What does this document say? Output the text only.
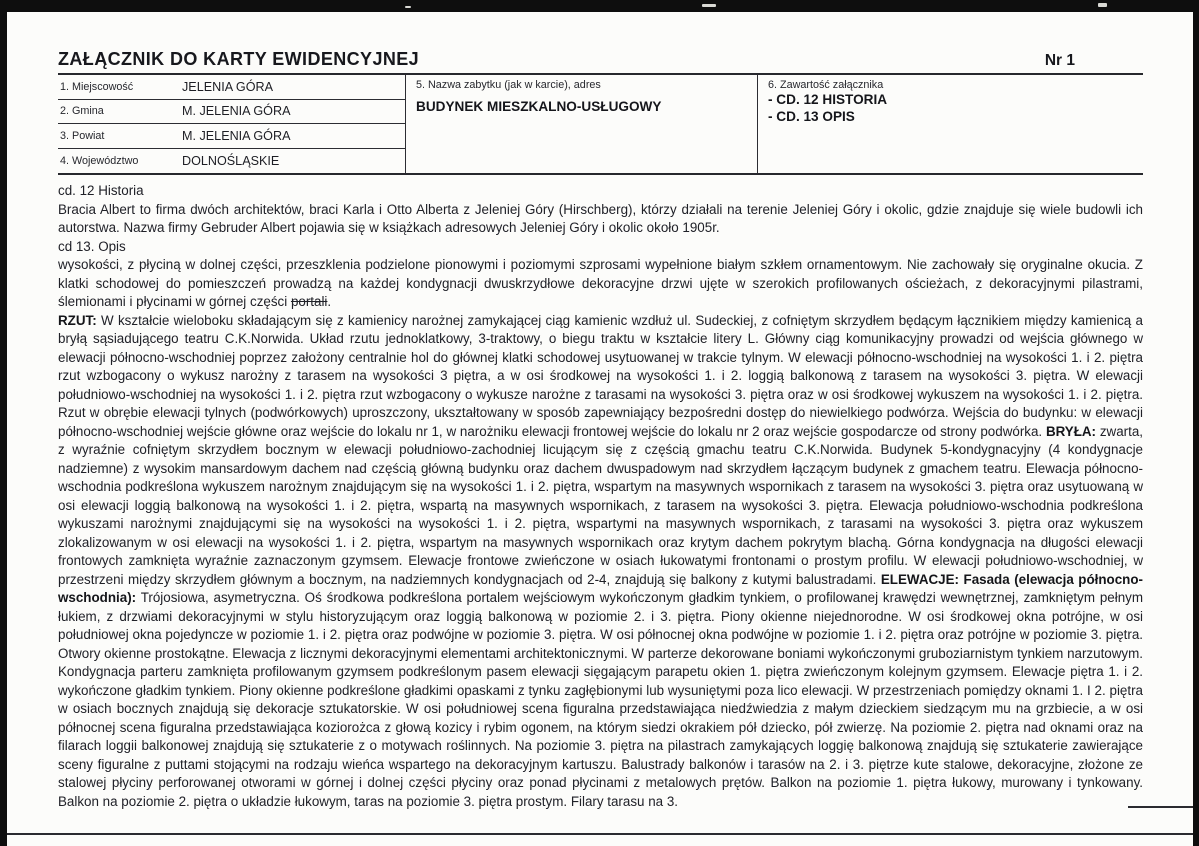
ZAŁĄCZNIK DO KARTY EWIDENCYJNEJ	Nr 1
1. Miejscowość	JELENIA GÓRA
2. Gmina	M. JELENIA GÓRA
3. Powiat	M. JELENIA GÓRA
4. Województwo	DOLNOŚLĄSKIE
5. Nazwa zabytku (jak w karcie), adres
BUDYNEK MIESZKALNO-USŁUGOWY
6. Zawartość załącznika
- CD. 12 HISTORIA
- CD. 13 OPIS

cd. 12 Historia

Bracia Albert to firma dwóch architektów, braci Karla i Otto Alberta z Jeleniej Góry (Hirschberg), którzy działali na terenie Jeleniej Góry i okolic, gdzie znajduje się wiele budowli ich autorstwa. Nazwa firmy Gebruder Albert pojawia się w książkach adresowych Jeleniej Góry i okolic około 1905r.

cd 13. Opis

wysokości, z płyciną w dolnej części, przeszklenia podzielone pionowymi i poziomymi szprosami wypełnione białym szkłem ornamentowym. Nie zachowały się oryginalne okucia. Z klatki schodowej do pomieszczeń prowadzą na każdej kondygnacji dwuskrzydłowe dekoracyjne drzwi ujęte w szerokich profilowanych ościeżach, z dekoracyjnymi pilastrami, ślemionami i płycinami w górnej części portali.

RZUT: W kształcie wieloboku składającym się z kamienicy narożnej zamykającej ciąg kamienic wzdłuż ul. Sudeckiej, z cofniętym skrzydłem będącym łącznikiem między kamienicą a bryłą sąsiadującego teatru C.K.Norwida. Układ rzutu jednoklatkowy, 3-traktowy, o biegu traktu w kształcie litery L. Główny ciąg komunikacyjny prowadzi od wejścia głównego w elewacji północno-wschodniej poprzez założony centralnie hol do głównej klatki schodowej usytuowanej w trakcie tylnym. W elewacji północno-wschodniej na wysokości 1. i 2. piętra rzut wzbogacony o wykusz narożny z tarasem na wysokości 3 piętra, a w osi środkowej na wysokości 1. i 2. loggią balkonową z tarasem na wysokości 3. piętra. W elewacji południowo-wschodniej na wysokości 1. i 2. piętra rzut wzbogacony o wykusze narożne z tarasami na wysokości 3. piętra oraz w osi środkowej wykuszem na wysokości 1. i 2. piętra. Rzut w obrębie elewacji tylnych (podwórkowych) uproszczony, ukształtowany w sposób zapewniający bezpośredni dostęp do niewielkiego podwórza. Wejścia do budynku: w elewacji północno-wschodniej wejście główne oraz wejście do lokalu nr 1, w narożniku elewacji frontowej wejście do lokalu nr 2 oraz wejście gospodarcze od strony podwórka. BRYŁA: zwarta, z wyraźnie cofniętym skrzydłem bocznym w elewacji południowo-zachodniej licującym się z częścią gmachu teatru C.K.Norwida. Budynek 5-kondygnacyjny (4 kondygnacje nadziemne) z wysokim mansardowym dachem nad częścią główną budynku oraz dachem dwuspadowym nad skrzydłem łączącym budynek z gmachem teatru. Elewacja północno-wschodnia podkreślona wykuszem narożnym znajdującym się na wysokości 1. i 2. piętra, wspartym na masywnych wspornikach z tarasem na wysokości 3. piętra oraz usytuowaną w osi elewacji loggią balkonową na wysokości 1. i 2. piętra, wspartą na masywnych wspornikach, z tarasem na wysokości 3. piętra. Elewacja południowo-wschodnia podkreślona wykuszami narożnymi znajdującymi się na wysokości na wysokości 1. i 2. piętra, wspartymi na masywnych wspornikach, z tarasami na wysokości 3. piętra oraz wykuszem zlokalizowanym w osi elewacji na wysokości 1. i 2. piętra, wspartym na masywnych wspornikach oraz krytym dachem pokrytym blachą. Górna kondygnacja na długości elewacji frontowych zamknięta wyraźnie zaznaczonym gzymsem. Elewacje frontowe zwieńczone w osiach łukowatymi frontonami o prostym profilu. W elewacji południowo-wschodniej, w przestrzeni między skrzydłem głównym a bocznym, na nadziemnych kondygnacjach od 2-4, znajdują się balkony z kutymi balustradami. ELEWACJE: Fasada (elewacja północno-wschodnia): Trójosiowa, asymetryczna. Oś środkowa podkreślona portalem wejściowym wykończonym gładkim tynkiem, o profilowanej krawędzi wewnętrznej, zamkniętym pełnym łukiem, z drzwiami dekoracyjnymi w stylu historyzującym oraz loggią balkonową w poziomie 2. i 3. piętra. Piony okienne niejednorodne. W osi środkowej okna potrójne, w osi południowej okna pojedyncze w poziomie 1. i 2. piętra oraz podwójne w poziomie 3. piętra. W osi północnej okna podwójne w poziomie 1. i 2. piętra oraz potrójne w poziomie 3. piętra. Otwory okienne prostokątne. Elewacja z licznymi dekoracyjnymi elementami architektonicznymi. W parterze dekorowane boniami wykończonymi gruboziarnistym tynkiem narzutowym. Kondygnacja parteru zamknięta profilowanym gzymsem podkreślonym pasem elewacji sięgającym parapetu okien 1. piętra zwieńczonym kolejnym gzymsem. Elewacje piętra 1. i 2. wykończone gładkim tynkiem. Piony okienne podkreślone gładkimi opaskami z tynku zagłębionymi lub wysuniętymi poza lico elewacji. W przestrzeniach pomiędzy oknami 1. I 2. piętra w osiach bocznych znajdują się dekoracje sztukatorskie. W osi południowej scena figuralna przedstawiająca niedźwiedzia z małym dzieckiem siedzącym mu na grzbiecie, a w osi północnej scena figuralna przedstawiająca koziorożca z głową kozicy i rybim ogonem, na którym siedzi okrakiem pół dziecko, pół zwierzę. Na poziomie 2. piętra nad oknami oraz na filarach loggii balkonowej znajdują się sztukaterie z o motywach roślinnych. Na poziomie 3. piętra na pilastrach zamykających loggię balkonową znajdują się sztukaterie zawierające sceny figuralne z puttami stojącymi na rodzaju wieńca wspartego na dekoracyjnym kartuszu. Balustrady balkonów i tarasów na 2. i 3. piętrze kute stalowe, dekoracyjne, złożone ze stalowej płyciny perforowanej otworami w górnej i dolnej części płyciny oraz ponad płycinami z metalowych prętów. Balkon na poziomie 1. piętra łukowy, murowany i tynkowany. Balkon na poziomie 2. piętra o układzie łukowym, taras na poziomie 3. piętra prostym. Filary tarasu na 3.
